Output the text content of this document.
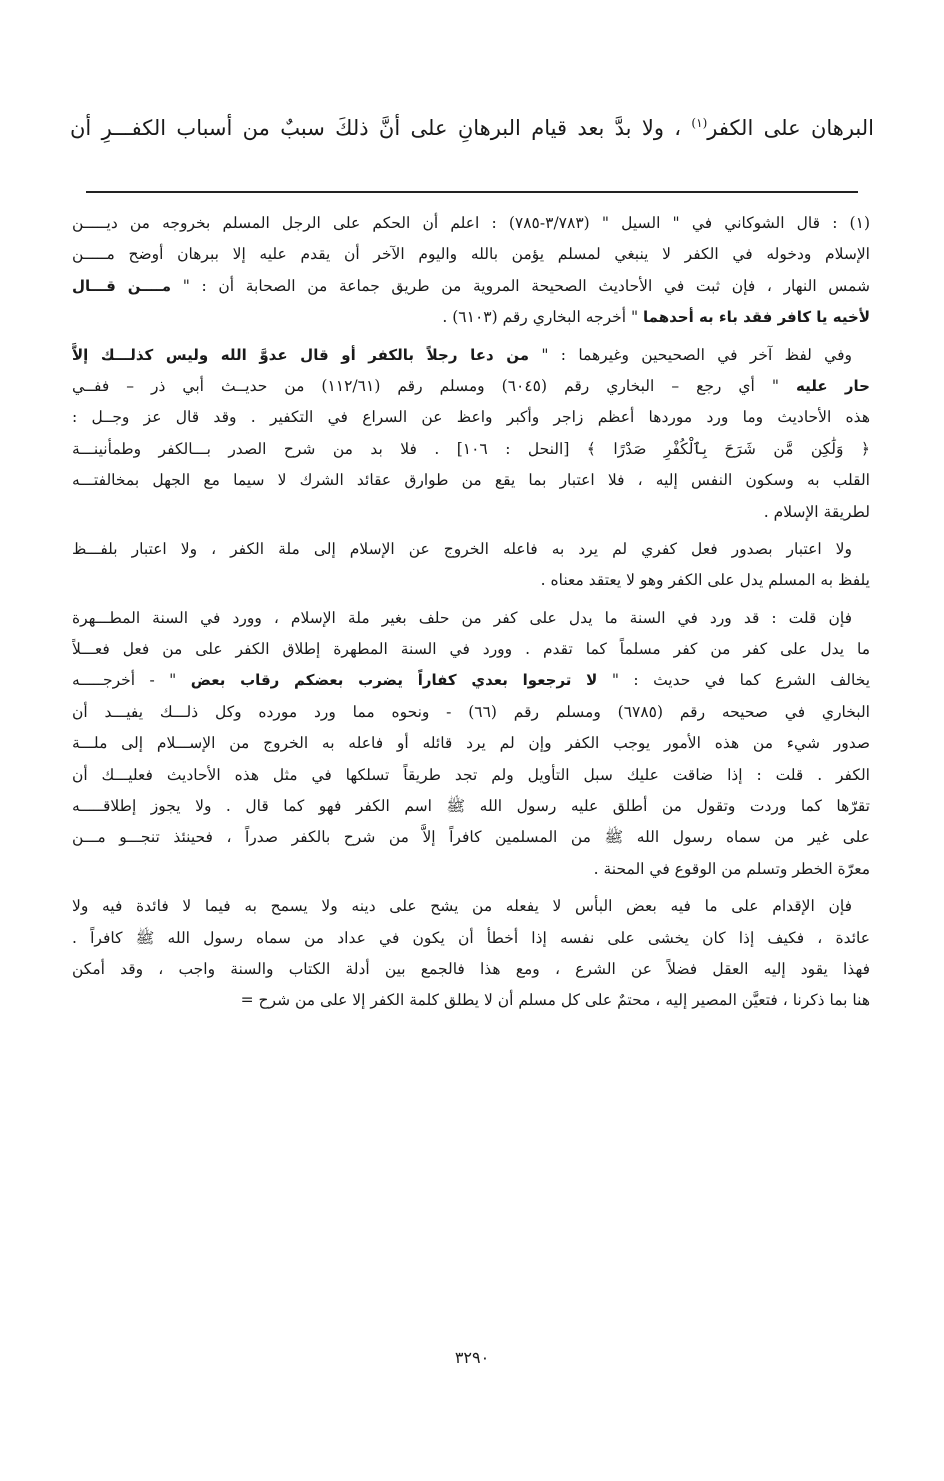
البرهان على الكفر$^{(١)}$ ، ولا بدَّ بعد قيام البرهانِ على أنَّ ذلكَ سببٌ من أسباب الكفـــرِ أن
(١) : قال الشوكاني في " السيل " (٣/٧٨٣-٧٨٥) : اعلم أن الحكم على الرجل المسلم بخروجه من ديـــــن
الإسلام ودخوله في الكفر لا ينبغي لمسلم يؤمن بالله واليوم الآخر أن يقدم عليه إلا ببرهان أوضح مـــــن
شمس النهار ، فإن ثبت في الأحاديث الصحيحة المروية من طريق جماعة من الصحابة أن : " مــــن قـــال
لأخيه يا كافر فقد باء به أحدهما " أخرجه البخاري رقم (٦١٠٣) .
وفي لفظ آخر في الصحيحين وغيرهما : " من دعا رجلاً بالكفر أو قال عدوَّ الله وليس كذلـــك إلاَّ
حار عليه " أي رجع – البخاري رقم (٦٠٤٥) ومسلم رقم (١١٢/٦١) من حديــث أبي ذر – ففــي
هذه الأحاديث وما ورد موردها أعظم زاجر وأكبر واعظ عن السراع في التكفير . وقد قال عز وجــل :
﴿ وَلَٰكِن مَّن شَرَحَ بِٱلْكُفْرِ صَدْرًا ﴾ [النحل : ١٠٦] . فلا بد من شرح الصدر بـــالكفر وطمأنينـــة
القلب به وسكون النفس إليه ، فلا اعتبار بما يقع من طوارق عقائد الشرك لا سيما مع الجهل بمخالفتـــه
لطريقة الإسلام .
ولا اعتبار بصدور فعل كفري لم يرد به فاعله الخروج عن الإسلام إلى ملة الكفر ، ولا اعتبار بلفـــظ
يلفظ به المسلم يدل على الكفر وهو لا يعتقد معناه .
فإن قلت : قد ورد في السنة ما يدل على كفر من حلف بغير ملة الإسلام ، وورد في السنة المطـــهرة
ما يدل على كفر من كفر مسلماً كما تقدم . وورد في السنة المطهرة إطلاق الكفر على من فعل فعـــلاً
يخالف الشرع كما في حديث : " لا ترجعوا بعدي كفاراً يضرب بعضكم رقاب بعض " - أخرجـــــه
البخاري في صحيحه رقم (٦٧٨٥) ومسلم رقم (٦٦) - ونحوه مما ورد مورده وكل ذلـــك يفيـــد أن
صدور شيء من هذه الأمور يوجب الكفر وإن لم يرد قائله أو فاعله به الخروج من الإســـلام إلى ملـــة
الكفر . قلت : إذا ضاقت عليك سبل التأويل ولم تجد طريقاً تسلكها في مثل هذه الأحاديث فعليـــك أن
تقرّها كما وردت وتقول من أطلق عليه رسول الله ﷺ اسم الكفر فهو كما قال . ولا يجوز إطلاقـــــه
على غير من سماه رسول الله ﷺ من المسلمين كافراً إلاَّ من شرح بالكفر صدراً ، فحينئذ تنجـــو مـــن
معرّة الخطر وتسلم من الوقوع في المحنة .
فإن الإقدام على ما فيه بعض البأس لا يفعله من يشح على دينه ولا يسمح به فيما لا فائدة فيه ولا
عائدة ، فكيف إذا كان يخشى على نفسه إذا أخطأ أن يكون في عداد من سماه رسول الله ﷺ كافراً .
فهذا يقود إليه العقل فضلاً عن الشرع ، ومع هذا فالجمع بين أدلة الكتاب والسنة واجب ، وقد أمكن
هنا بما ذكرنا ، فتعيَّن المصير إليه ، محتمٌ على كل مسلم أن لا يطلق كلمة الكفر إلا على من شرح =
٣٢٩٠
